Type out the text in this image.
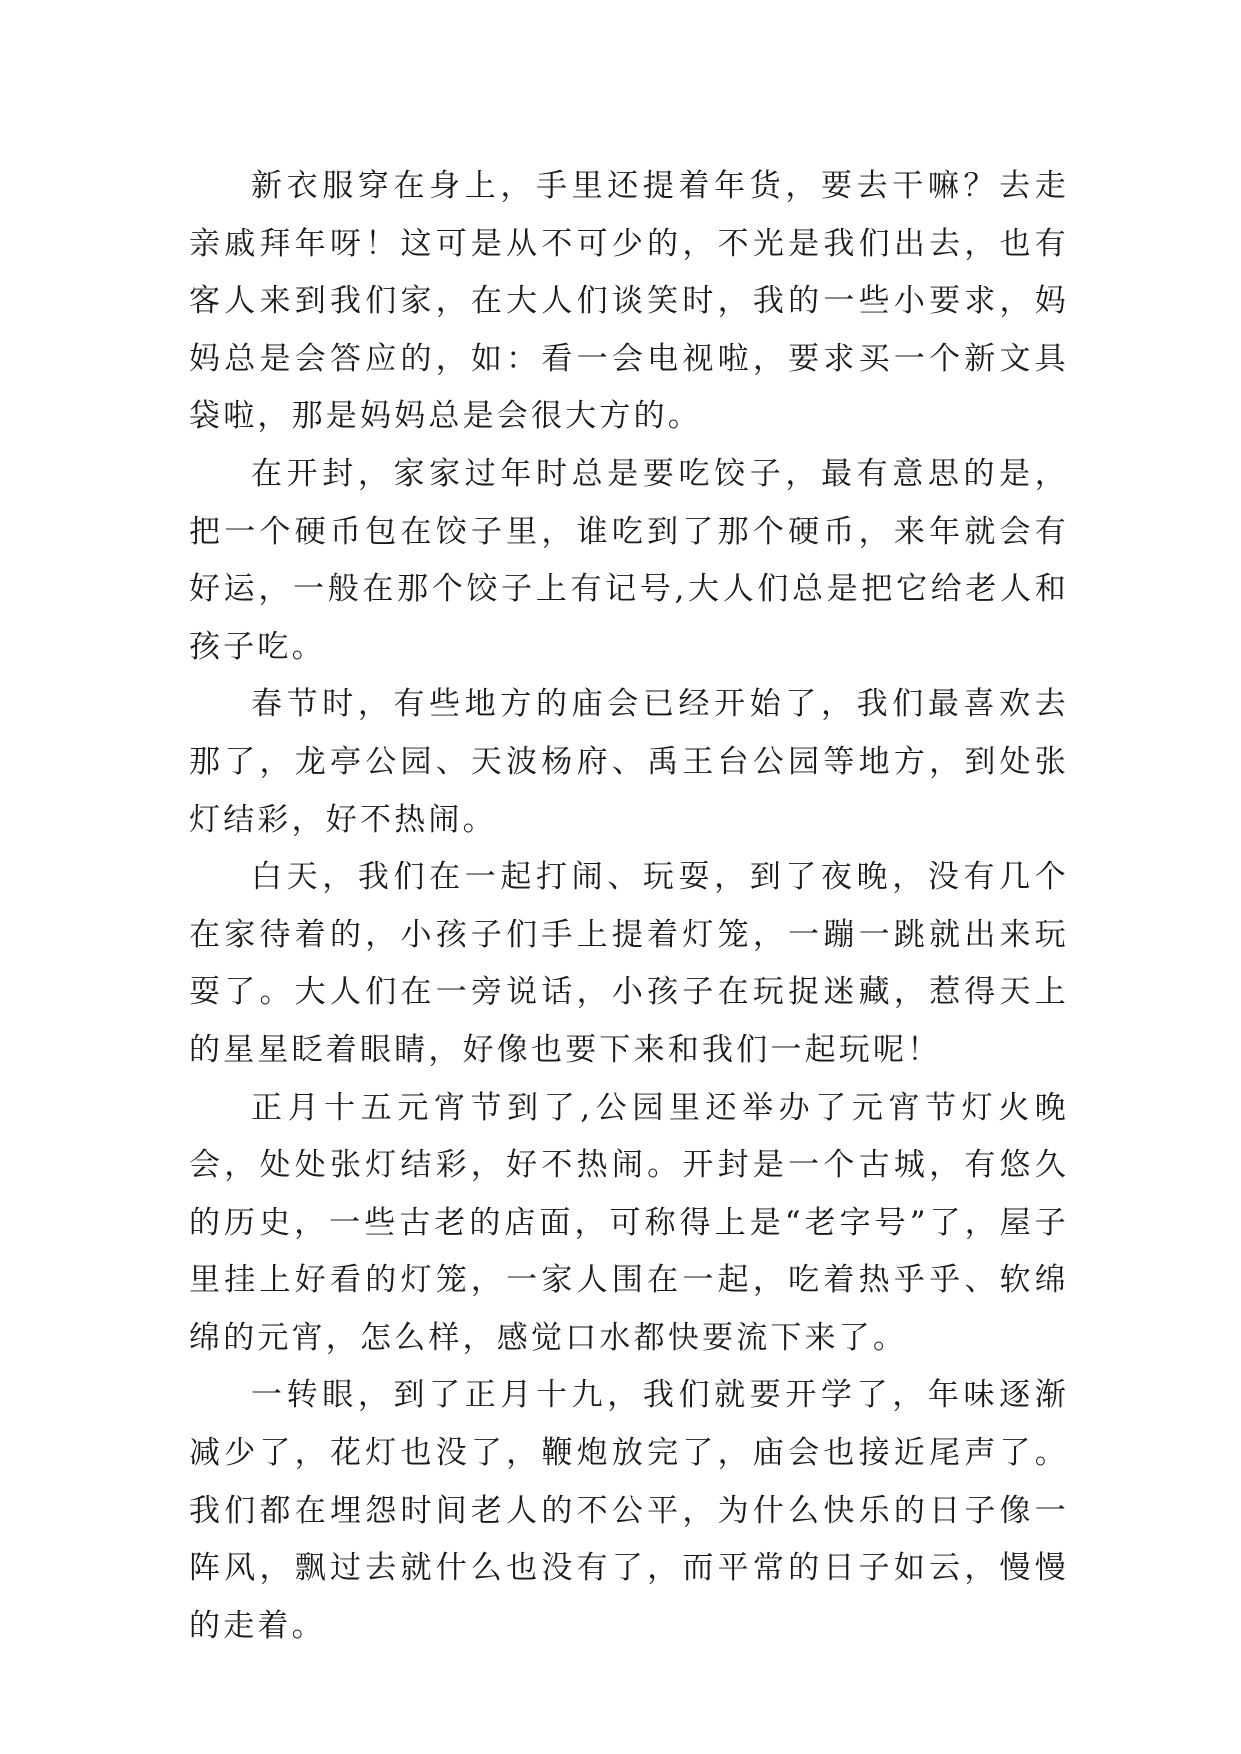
新衣服穿在身上，手里还提着年货，要去干嘛？去走亲戚拜年呀！这可是从不可少的，不光是我们出去，也有客人来到我们家，在大人们谈笑时，我的一些小要求，妈妈总是会答应的，如：看一会电视啦，要求买一个新文具袋啦，那是妈妈总是会很大方的。

在开封，家家过年时总是要吃饺子，最有意思的是，把一个硬币包在饺子里，谁吃到了那个硬币，来年就会有好运，一般在那个饺子上有记号,大人们总是把它给老人和孩子吃。

春节时，有些地方的庙会已经开始了，我们最喜欢去那了，龙亭公园、天波杨府、禹王台公园等地方，到处张灯结彩，好不热闹。

白天，我们在一起打闹、玩耍，到了夜晚，没有几个在家待着的，小孩子们手上提着灯笼，一蹦一跳就出来玩耍了。大人们在一旁说话，小孩子在玩捉迷藏，惹得天上的星星眨着眼睛，好像也要下来和我们一起玩呢！

正月十五元宵节到了,公园里还举办了元宵节灯火晚会，处处张灯结彩，好不热闹。开封是一个古城，有悠久的历史，一些古老的店面，可称得上是“老字号”了，屋子里挂上好看的灯笼，一家人围在一起，吃着热乎乎、软绵绵的元宵，怎么样，感觉口水都快要流下来了。

一转眼，到了正月十九，我们就要开学了，年味逐渐减少了，花灯也没了，鞭炮放完了，庙会也接近尾声了。我们都在埋怨时间老人的不公平，为什么快乐的日子像一阵风，飘过去就什么也没有了，而平常的日子如云，慢慢的走着。
